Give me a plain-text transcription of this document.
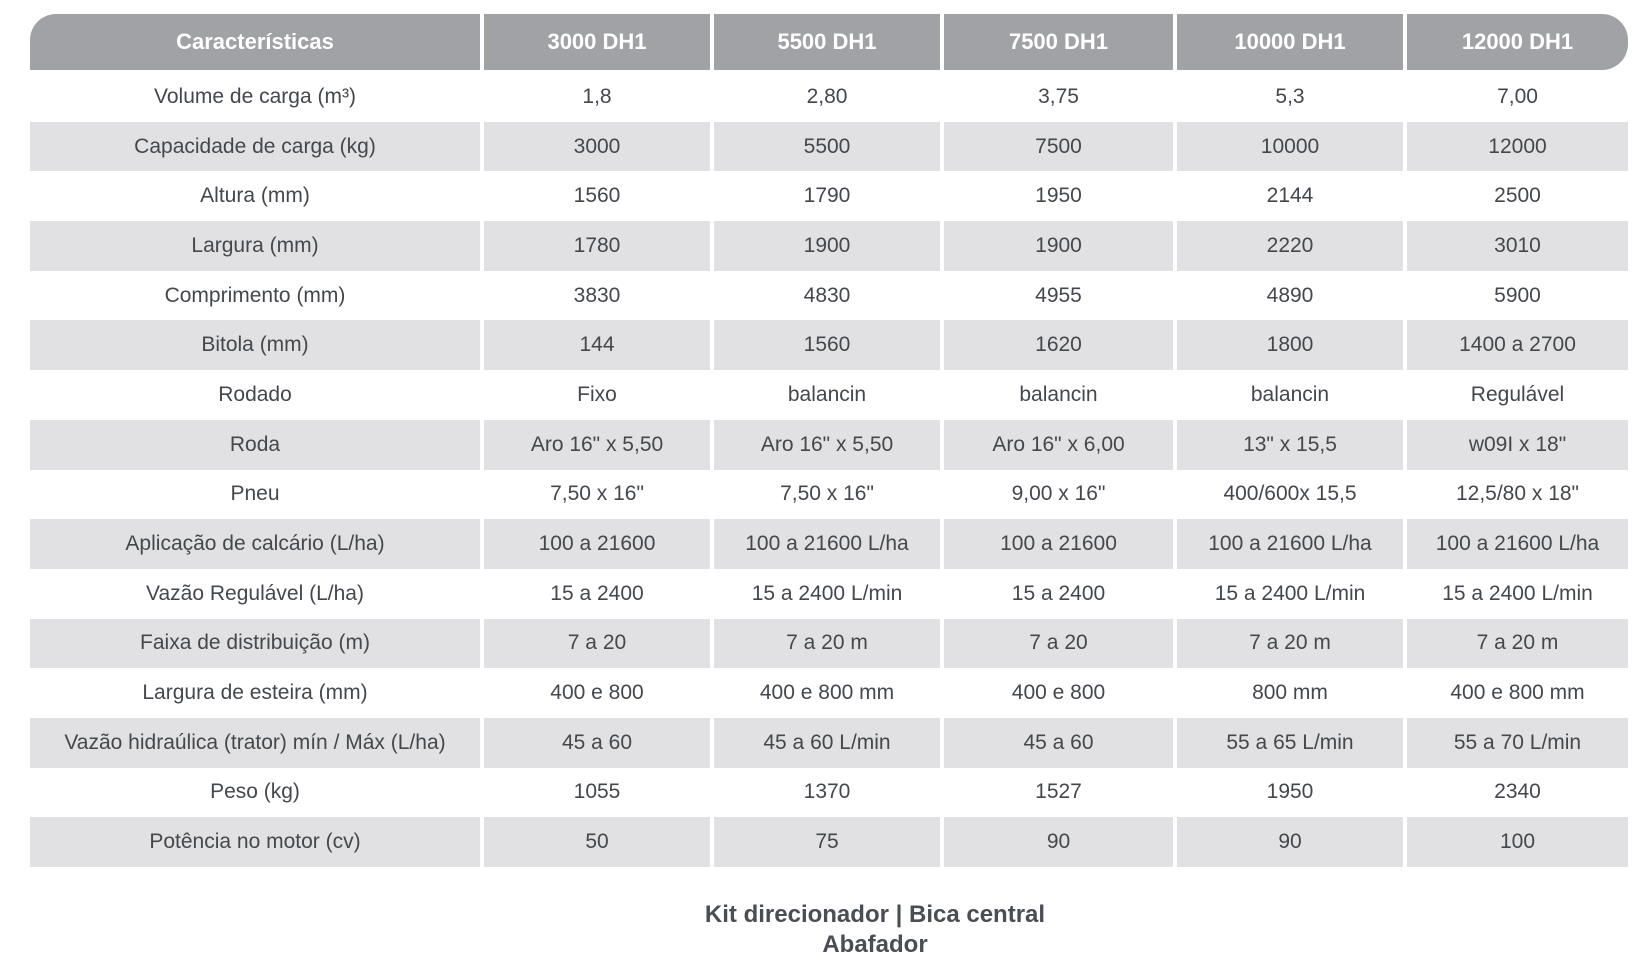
Características	3000 DH1	5500 DH1	7500 DH1	10000 DH1	12000 DH1
Volume de carga (m³)	1,8	2,80	3,75	5,3	7,00
Capacidade de carga (kg)	3000	5500	7500	10000	12000
Altura (mm)	1560	1790	1950	2144	2500
Largura (mm)	1780	1900	1900	2220	3010
Comprimento (mm)	3830	4830	4955	4890	5900
Bitola (mm)	144	1560	1620	1800	1400 a 2700
Rodado	Fixo	balancin	balancin	balancin	Regulável
Roda	Aro 16" x 5,50	Aro 16" x 5,50	Aro 16" x 6,00	13" x 15,5	w09I x 18"
Pneu	7,50 x 16"	7,50 x 16"	9,00 x 16"	400/600x 15,5	12,5/80 x 18"
Aplicação de calcário (L/ha)	100 a 21600	100 a 21600 L/ha	100 a 21600	100 a 21600 L/ha	100 a 21600 L/ha
Vazão Regulável (L/ha)	15 a 2400	15 a 2400 L/min	15 a 2400	15 a 2400 L/min	15 a 2400 L/min
Faixa de distribuição (m)	7 a 20	7 a 20 m	7 a 20	7 a 20 m	7 a 20 m
Largura de esteira (mm)	400 e 800	400 e 800 mm	400 e 800	800 mm	400 e 800 mm
Vazão hidraúlica (trator) mín / Máx (L/ha)	45 a 60	45 a 60 L/min	45 a 60	55 a 65 L/min	55 a 70 L/min
Peso (kg)	1055	1370	1527	1950	2340
Potência no motor (cv)	50	75	90	90	100
Kit direcionador | Bica central
Abafador
